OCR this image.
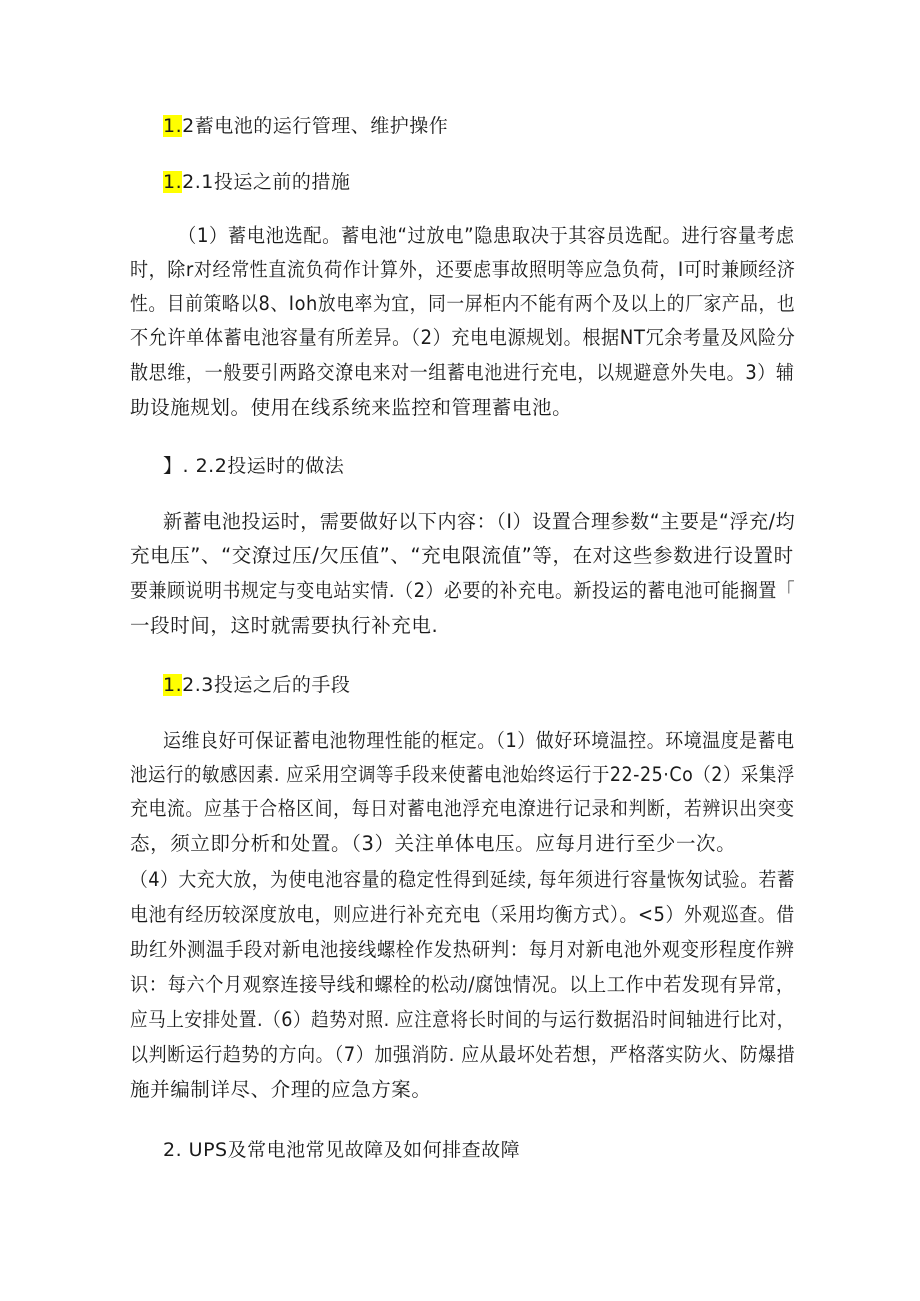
1.2蓄电池的运行管理、维护操作
1.2.1投运之前的措施
（1）蓄电池选配。蓄电池“过放电”隐患取决于其容员选配。进行容量考虑
时，除r对经常性直流负荷作计算外，还要虑事故照明等应急负荷，I可时兼顾经济
性。目前策略以8、Ioh放电率为宜，同一屏柜内不能有两个及以上的厂家产品，也
不允许单体蓄电池容量有所差异。（2）充电电源规划。根据NT冗余考量及风险分
散思维，一般要引两路交潦电来对一组蓄电池进行充电，以规避意外失电。3）辅
助设施规划。使用在线系统来监控和管理蓄电池。
】. 2.2投运时的做法
新蓄电池投运时，需要做好以下内容：（I）设置合理参数“主要是“浮充/均
充电压”、“交潦过压/欠压值”、“充电限流值”等，在对这些参数进行设置时
要兼顾说明书规定与变电站实情.（2）必要的补充电。新投运的蓄电池可能搁置「
一段时间，这时就需要执行补充电.
1.2.3投运之后的手段
运维良好可保证蓄电池物理性能的框定。（1）做好环境温控。环境温度是蓄电
池运行的敏感因素. 应采用空调等手段来使蓄电池始终运行于22-25·Co（2）采集浮
充电流。应基于合格区间，每日对蓄电池浮充电潦进行记录和判断，若辨识出突变
态，须立即分析和处置。（3）关注单体电压。应每月进行至少一次。
（4）大充大放，为使电池容量的稳定性得到延续, 每年须进行容量恢匆试验。若蓄
电池有经历较深度放电，则应进行补充充电（采用均衡方式）。<5）外观巡查。借
助红外测温手段对新电池接线螺栓作发热研判：每月对新电池外观变形程度作辨
识：每六个月观察连接导线和螺栓的松动/腐蚀情况。以上工作中若发现有异常，
应马上安排处置.（6）趋势对照. 应注意将长时间的与运行数据沿时间轴进行比对，
以判断运行趋势的方向。（7）加强消防. 应从最坏处若想，严格落实防火、防爆措
施并编制详尽、介理的应急方案。
2. UPS及常电池常见故障及如何排查故障
